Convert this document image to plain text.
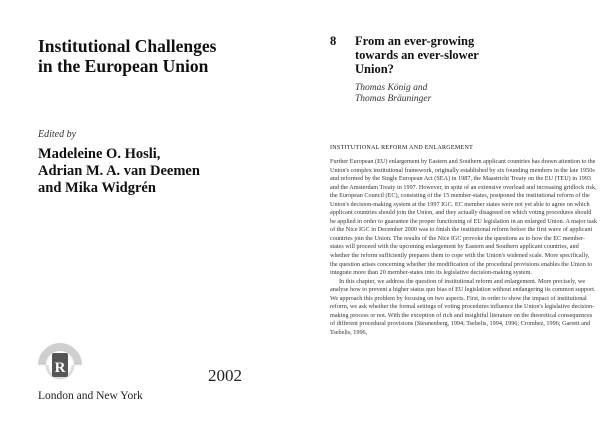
Institutional Challenges
in the European Union
Edited by
Madeleine O. Hosli,
Adrian M. A. van Deemen
and Mika Widgrén
R	2002
London and New York
8 From an ever-growing
towards an ever-slower
Union?
Thomas König and
Thomas Bräuninger
INSTITUTIONAL REFORM AND ENLARGEMENT

Further European (EU) enlargement by Eastern and Southern applicant countries has drawn attention to the Union's complex institutional framework, originally established by six founding members in the late 1950s and reformed by the Single European Act (SEA) in 1987, the Maastricht Treaty on the EU (TEU) in 1993 and the Amsterdam Treaty in 1997. However, in spite of an extensive overload and increasing gridlock risk, the European Council (EC), consisting of the 15 member-states, postponed the institutional reform of the Union's decision-making system at the 1997 IGC. EC member states were not yet able to agree on which applicant countries should join the Union, and they actually disagreed on which voting procedures should be applied in order to guarantee the proper functioning of EU legislation in an enlarged Union. A major task of the Nice IGC in December 2000 was to finish the institutional reform before the first wave of applicant countries join the Union. The results of the Nice IGC provoke the questions as to how the EC member-states will proceed with the upcoming enlargement by Eastern and Southern applicant countries, and whether the reform sufficiently prepares them to cope with the Union's widened scale. More specifically, the question arises concerning whether the modification of the procedural provisions enables the Union to integrate more than 20 member-states into its legislative decision-making system.

In this chapter, we address the question of institutional reform and enlargement. More precisely, we analyse how to prevent a higher status quo bias of EU legislation without endangering its common support. We approach this problem by focusing on two aspects. First, in order to show the impact of institutional reform, we ask whether the formal settings of voting procedures influence the Union's legislative decision-making process or not. With the exception of rich and insightful literature on the theoretical consequences of different procedural provisions (Steunenberg, 1994; Tsebelis, 1994, 1996; Crombez, 1996; Garrett and Tsebelis, 1996,
